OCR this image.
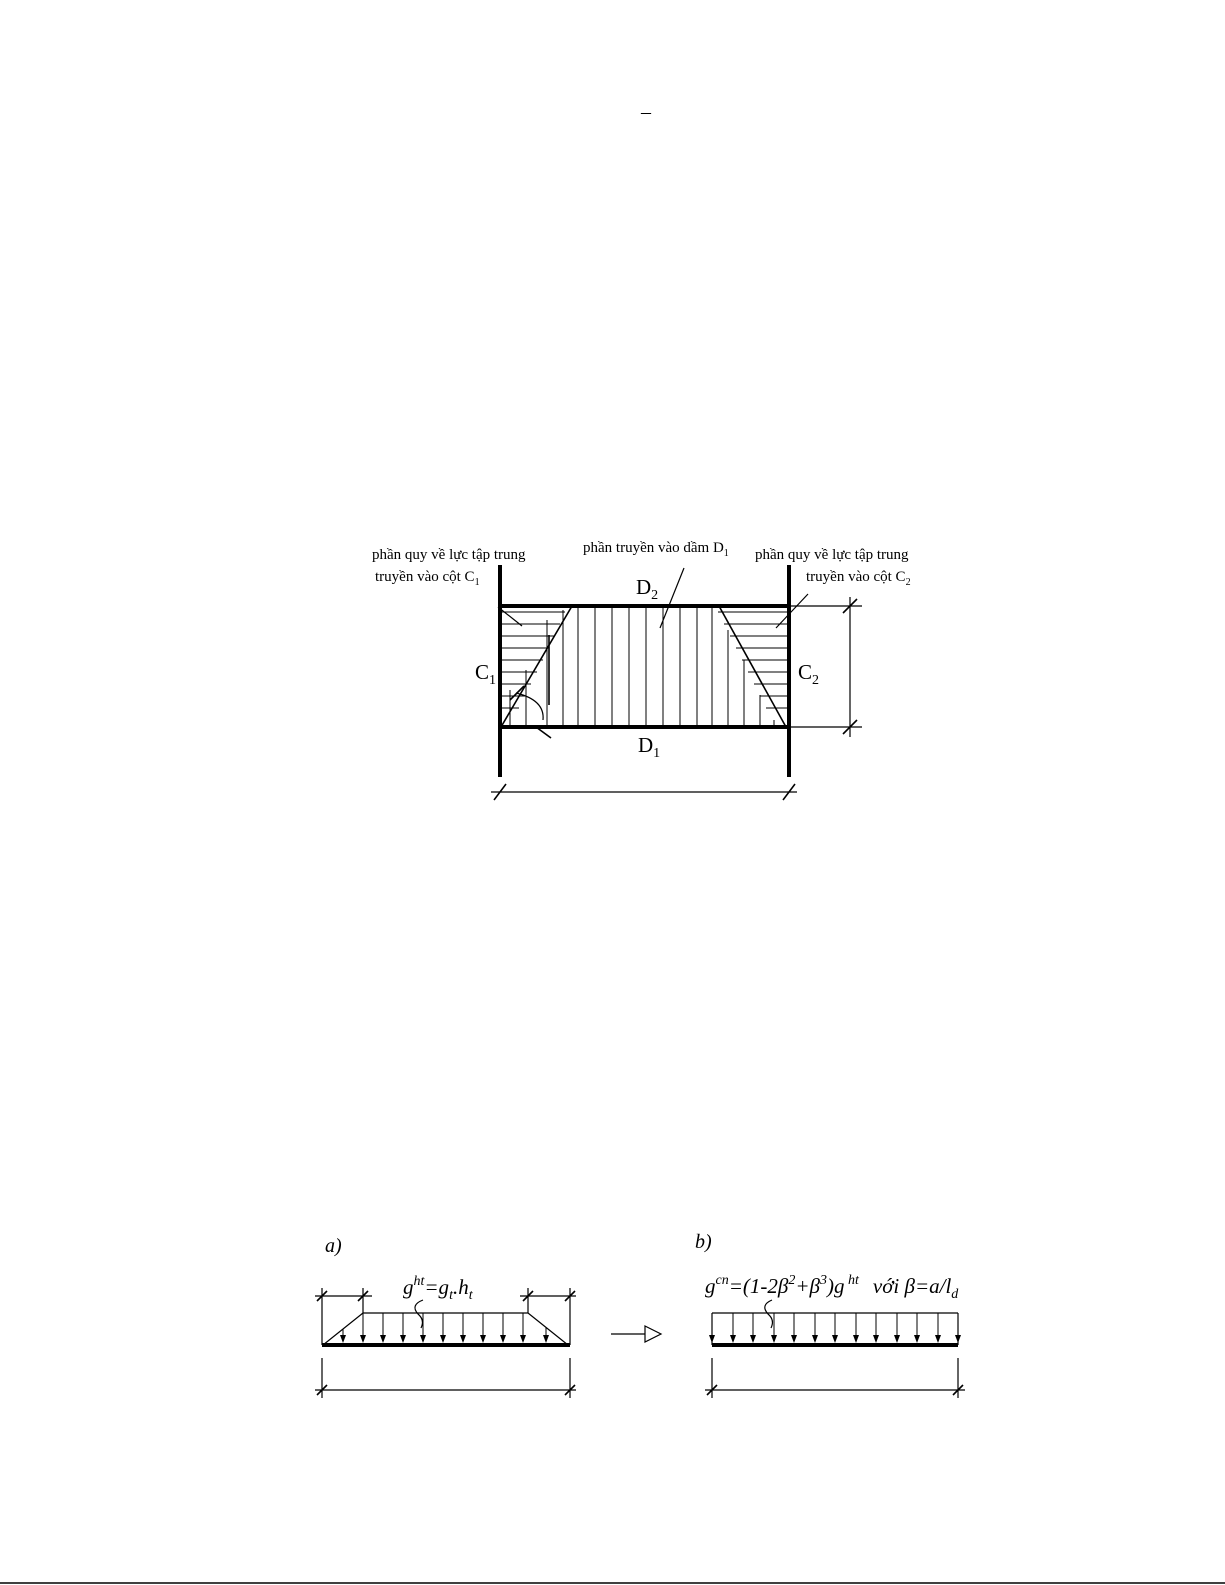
–
phần quy về lực tập trung
truyền vào cột $C_1$
phần truyền vào dầm $D_1$ phần quy về lực tập trung
truyền vào cột $C_2$
$D_2$
$D_1$
$C_1$	$C_2$
a)	b)
$g^{ht}=g_t.h_t$	$g^{cn}=(1-2\beta^2+\beta^3)g$ $^{ht}$ với $\beta=a/l_d$
